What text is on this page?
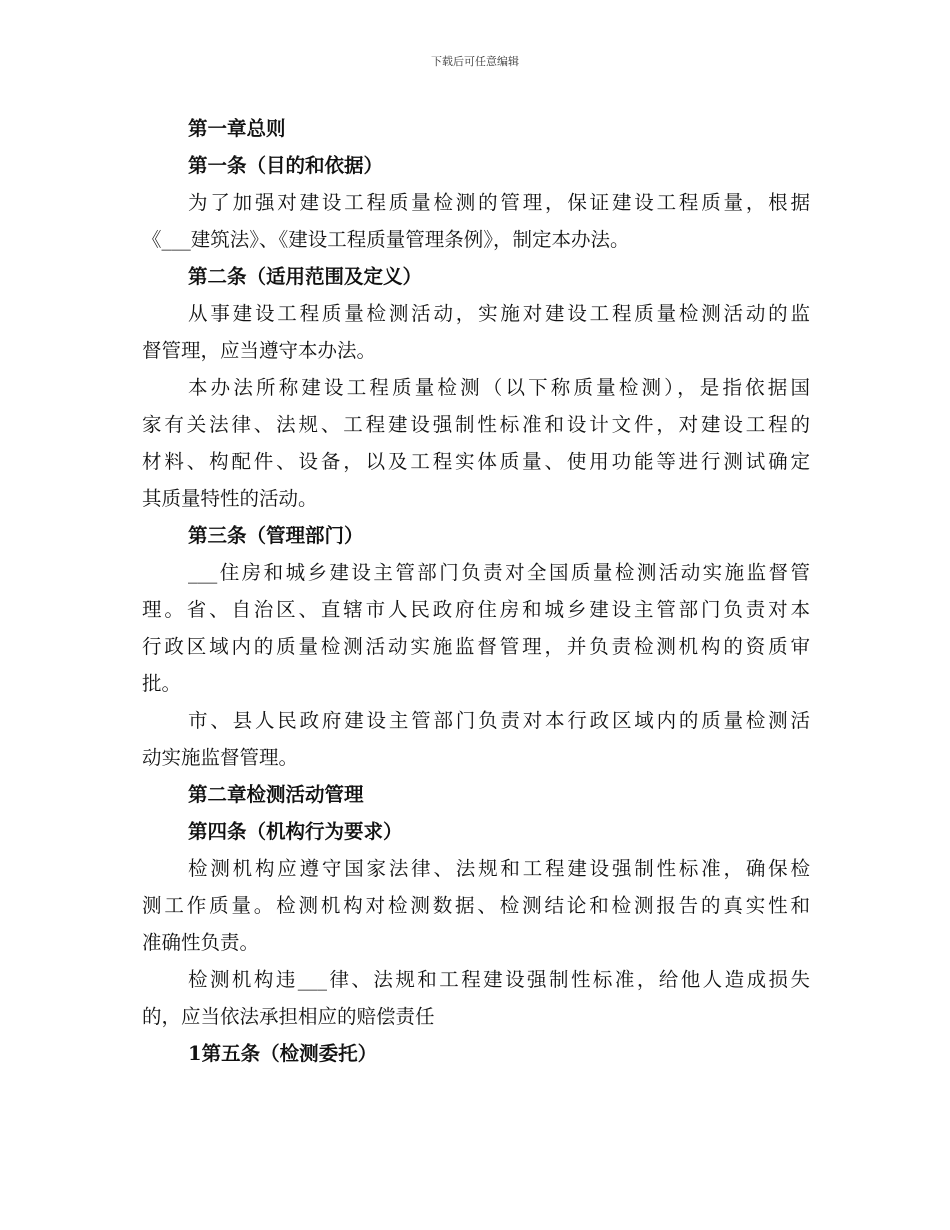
下载后可任意编辑
第一章总则
第一条（目的和依据）
为了加强对建设工程质量检测的管理，保证建设工程质量，根据
《___建筑法》、《建设工程质量管理条例》，制定本办法。
第二条（适用范围及定义）
从事建设工程质量检测活动，实施对建设工程质量检测活动的监
督管理，应当遵守本办法。
本办法所称建设工程质量检测（以下称质量检测），是指依据国
家有关法律、法规、工程建设强制性标准和设计文件，对建设工程的
材料、构配件、设备，以及工程实体质量、使用功能等进行测试确定
其质量特性的活动。
第三条（管理部门）
___住房和城乡建设主管部门负责对全国质量检测活动实施监督管
理。省、自治区、直辖市人民政府住房和城乡建设主管部门负责对本
行政区域内的质量检测活动实施监督管理，并负责检测机构的资质审
批。
市、县人民政府建设主管部门负责对本行政区域内的质量检测活
动实施监督管理。
第二章检测活动管理
第四条（机构行为要求）
检测机构应遵守国家法律、法规和工程建设强制性标准，确保检
测工作质量。检测机构对检测数据、检测结论和检测报告的真实性和
准确性负责。
检测机构违___律、法规和工程建设强制性标准，给他人造成损失
的，应当依法承担相应的赔偿责任
1第五条（检测委托）
